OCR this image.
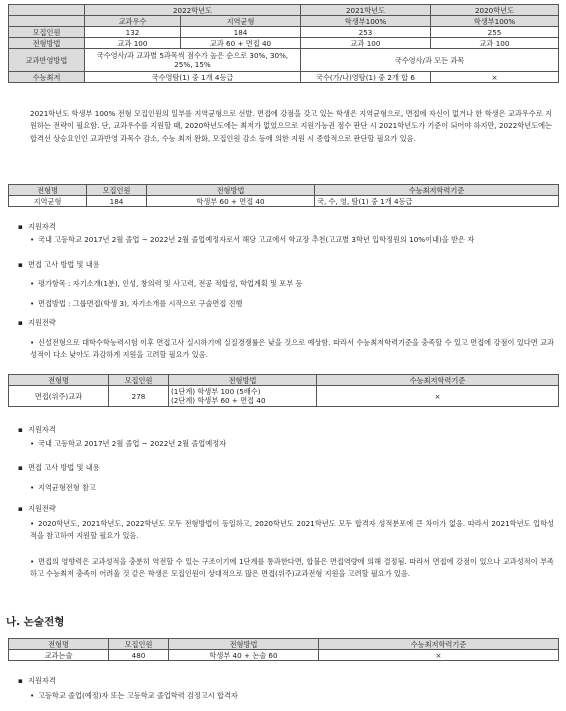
	2022학년도		2021학년도	2020학년도
	교과우수	지역균형	학생부100%	학생부100%
모집인원	132	184	253	255
전형방법	교과 100	교과 60 + 면접 40	교과 100	교과 100
교과반영방법	국수영사/과 교과별 5과목씩 점수가 높은 순으로 30%, 30%, 25%, 15%		국수영사/과 모든 과목	
수능최저	국수영탐(1) 중 1개 4등급		국수(가/나)영탐(1) 중 2개 합 6	×
2021학년도 학생부 100% 전형 모집인원의 일부를 지역균형으로 선발. 면접에 강점을 갖고 있는 학생은 지역균형으로, 면접에 자신이 없거나 한 학생은 교과우수로 지원하는 전략이 필요함. 단, 교과우수를 지원할 때, 2020학년도에는 최저가 없었으므로 지원가능권 점수 판단 시 2021학년도가 기준이 되어야 하지만, 2022학년도에는 합격선 상승요인인 교과반영 과목수 감소, 수능 최저 완화, 모집인원 감소 등에 의한 지원 시 종합적으로 판단할 필요가 있음.
전형명	모집인원	전형방법	수능최저학력기준
지역균형	184	학생부 60 + 면접 40	국, 수, 영, 탐(1) 중 1개 4등급
▪ 지원자격
• 국내 고등학교 2017년 2월 졸업 ~ 2022년 2월 졸업예정자로서 해당 고교에서 학교장 추천(고교별 3학년 입학정원의 10%이내)을 받은 자
▪ 면접 고사 방법 및 내용
• 평가항목 : 자기소개(1분), 인성, 창의력 및 사고력, 전공 적합성, 학업계획 및 포부 등
• 면접방법 : 그룹면접(학생 3), 자기소개를 시작으로 구술면접 진행
▪ 지원전략
• 신설전형으로 대학수학능력시험 이후 면접고사 실시하기에 실질경쟁률은 낮을 것으로 예상함. 따라서 수능최저학력기준을 충족할 수 있고 면접에 강점이 있다면 교과성적이 다소 낮아도 과감하게 지원을 고려할 필요가 있음.
전형명	모집인원	전형방법	수능최저학력기준
면접(위주)교과	278	(1단계) 학생부 100 (5배수)
(2단계) 학생부 60 + 면접 40	×
▪ 지원자격
• 국내 고등학교 2017년 2월 졸업 ~ 2022년 2월 졸업예정자
▪ 면접 고사 방법 및 내용
• 지역균형전형 참고
▪ 지원전략
• 2020학년도, 2021학년도, 2022학년도 모두 전형방법이 동일하고, 2020학년도 2021학년도 모두 합격자 성적분포에 큰 차이가 없음. 따라서 2021학년도 입학성적을 참고하여 지원할 필요가 있음.
• 면접의 영향력은 교과성적을 충분히 역전할 수 있는 구조이기에 1단계를 통과한다면, 합불은 면접역량에 의해 결정됨. 따라서 면접에 강점이 있으나 교과성적이 부족하고 수능최저 충족이 어려울 것 같은 학생은 모집인원이 상대적으로 많은 면접(위주)교과전형 지원을 고려할 필요가 있음.
나. 논술전형
전형명	모집인원	전형방법	수능최저학력기준
교과논술	480	학생부 40 + 논술 60	×
▪ 지원자격
• 고등학교 졸업(예정)자 또는 고등학교 졸업학력 검정고시 합격자
